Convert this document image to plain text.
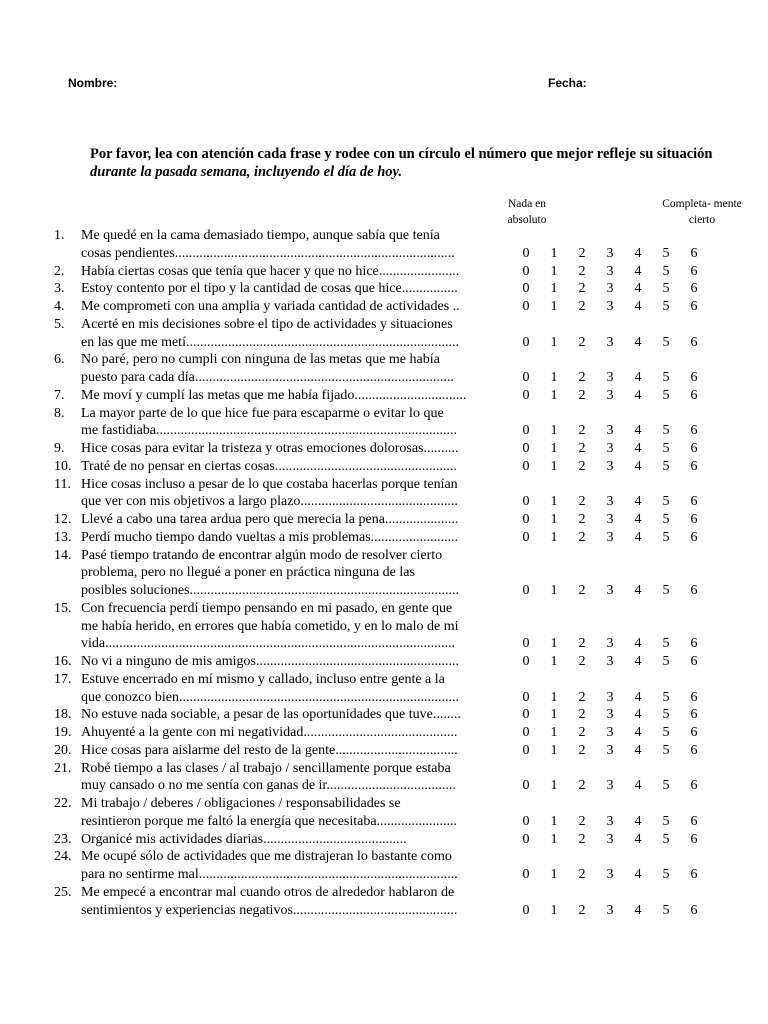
Nombre:	Fecha:
Por favor, lea con atención cada frase y rodee con un círculo el número que mejor refleje su situación durante la pasada semana, incluyendo el día de hoy.
Nada en absoluto
Completa- mente cierto
1.	Me quedé en la cama demasiado tiempo, aunque sabía que tenía
cosas pendientes................................................................................	0	1	2	3	4	5	6
2.	Había ciertas cosas que tenía que hacer y que no hice.......................	0	1	2	3	4	5	6
3.	Estoy contento por el tipo y la cantidad de cosas que hice................	0	1	2	3	4	5	6
4.	Me comprometi con una amplia y variada cantidad de actividades ..	0	1	2	3	4	5	6
5.	Acerté en mis decisiones sobre el tipo de actividades y situaciones
en las que me metí..............................................................................	0	1	2	3	4	5	6
6.	No paré, pero no cumpli con ninguna de las metas que me había
puesto para cada día..........................................................................	0	1	2	3	4	5	6
7.	Me moví y cumplí las metas que me había fijado................................	0	1	2	3	4	5	6
8.	La mayor parte de lo que hice fue para escaparme o evitar lo que
me fastidiaba......................................................................................	0	1	2	3	4	5	6
9.	Hice cosas para evitar la tristeza y otras emociones dolorosas..........	0	1	2	3	4	5	6
10. Traté de no pensar en ciertas cosas....................................................	0	1	2	3	4	5	6
11. Hice cosas incluso a pesar de lo que costaba hacerlas porque tenían
que ver con mis objetivos a largo plazo.............................................	0	1	2	3	4	5	6
12. Llevé a cabo una tarea ardua pero que merecia la pena.....................	0	1	2	3	4	5	6
13. Perdí mucho tiempo dando vueltas a mis problemas.........................	0	1	2	3	4	5	6
14. Pasé tiempo tratando de encontrar algún modo de resolver cierto
problema, pero no llegué a poner en práctica ninguna de las
posibles soluciones.............................................................................	0	1	2	3	4	5	6
15. Con frecuencia perdí tiempo pensando en mi pasado, en gente que
me había herido, en errores que había cometido, y en lo malo de mi
vida....................................................................................................	0	1	2	3	4	5	6
16. No vi a ninguno de mis amigos..........................................................	0	1	2	3	4	5	6
17. Estuve encerrado en mí mismo y callado, incluso entre gente a la
que conozco bien................................................................................	0	1	2	3	4	5	6
18. No estuve nada sociable, a pesar de las oportunidades que tuve........	0	1	2	3	4	5	6
19. Ahuyenté a la gente con mi negatividad............................................	0	1	2	3	4	5	6
20. Hice cosas para aislarme del resto de la gente...................................	0	1	2	3	4	5	6
21. Robé tiempo a las clases / al trabajo / sencillamente porque estaba
muy cansado o no me sentía con ganas de ir.....................................	0	1	2	3	4	5	6
22. Mi trabajo / deberes / obligaciones / responsabilidades se
resintieron porque me faltó la energía que necesitaba.......................	0	1	2	3	4	5	6
23. Organicé mis actividades diarias.........................................	0	1	2	3	4	5	6
24. Me ocupé sólo de actividades que me distrajeran lo bastante como
para no sentirme mal..........................................................................	0	1	2	3	4	5	6
25. Me empecé a encontrar mal cuando otros de alrededor hablaron de
sentimientos y experiencias negativos...............................................	0	1	2	3	4	5	6
